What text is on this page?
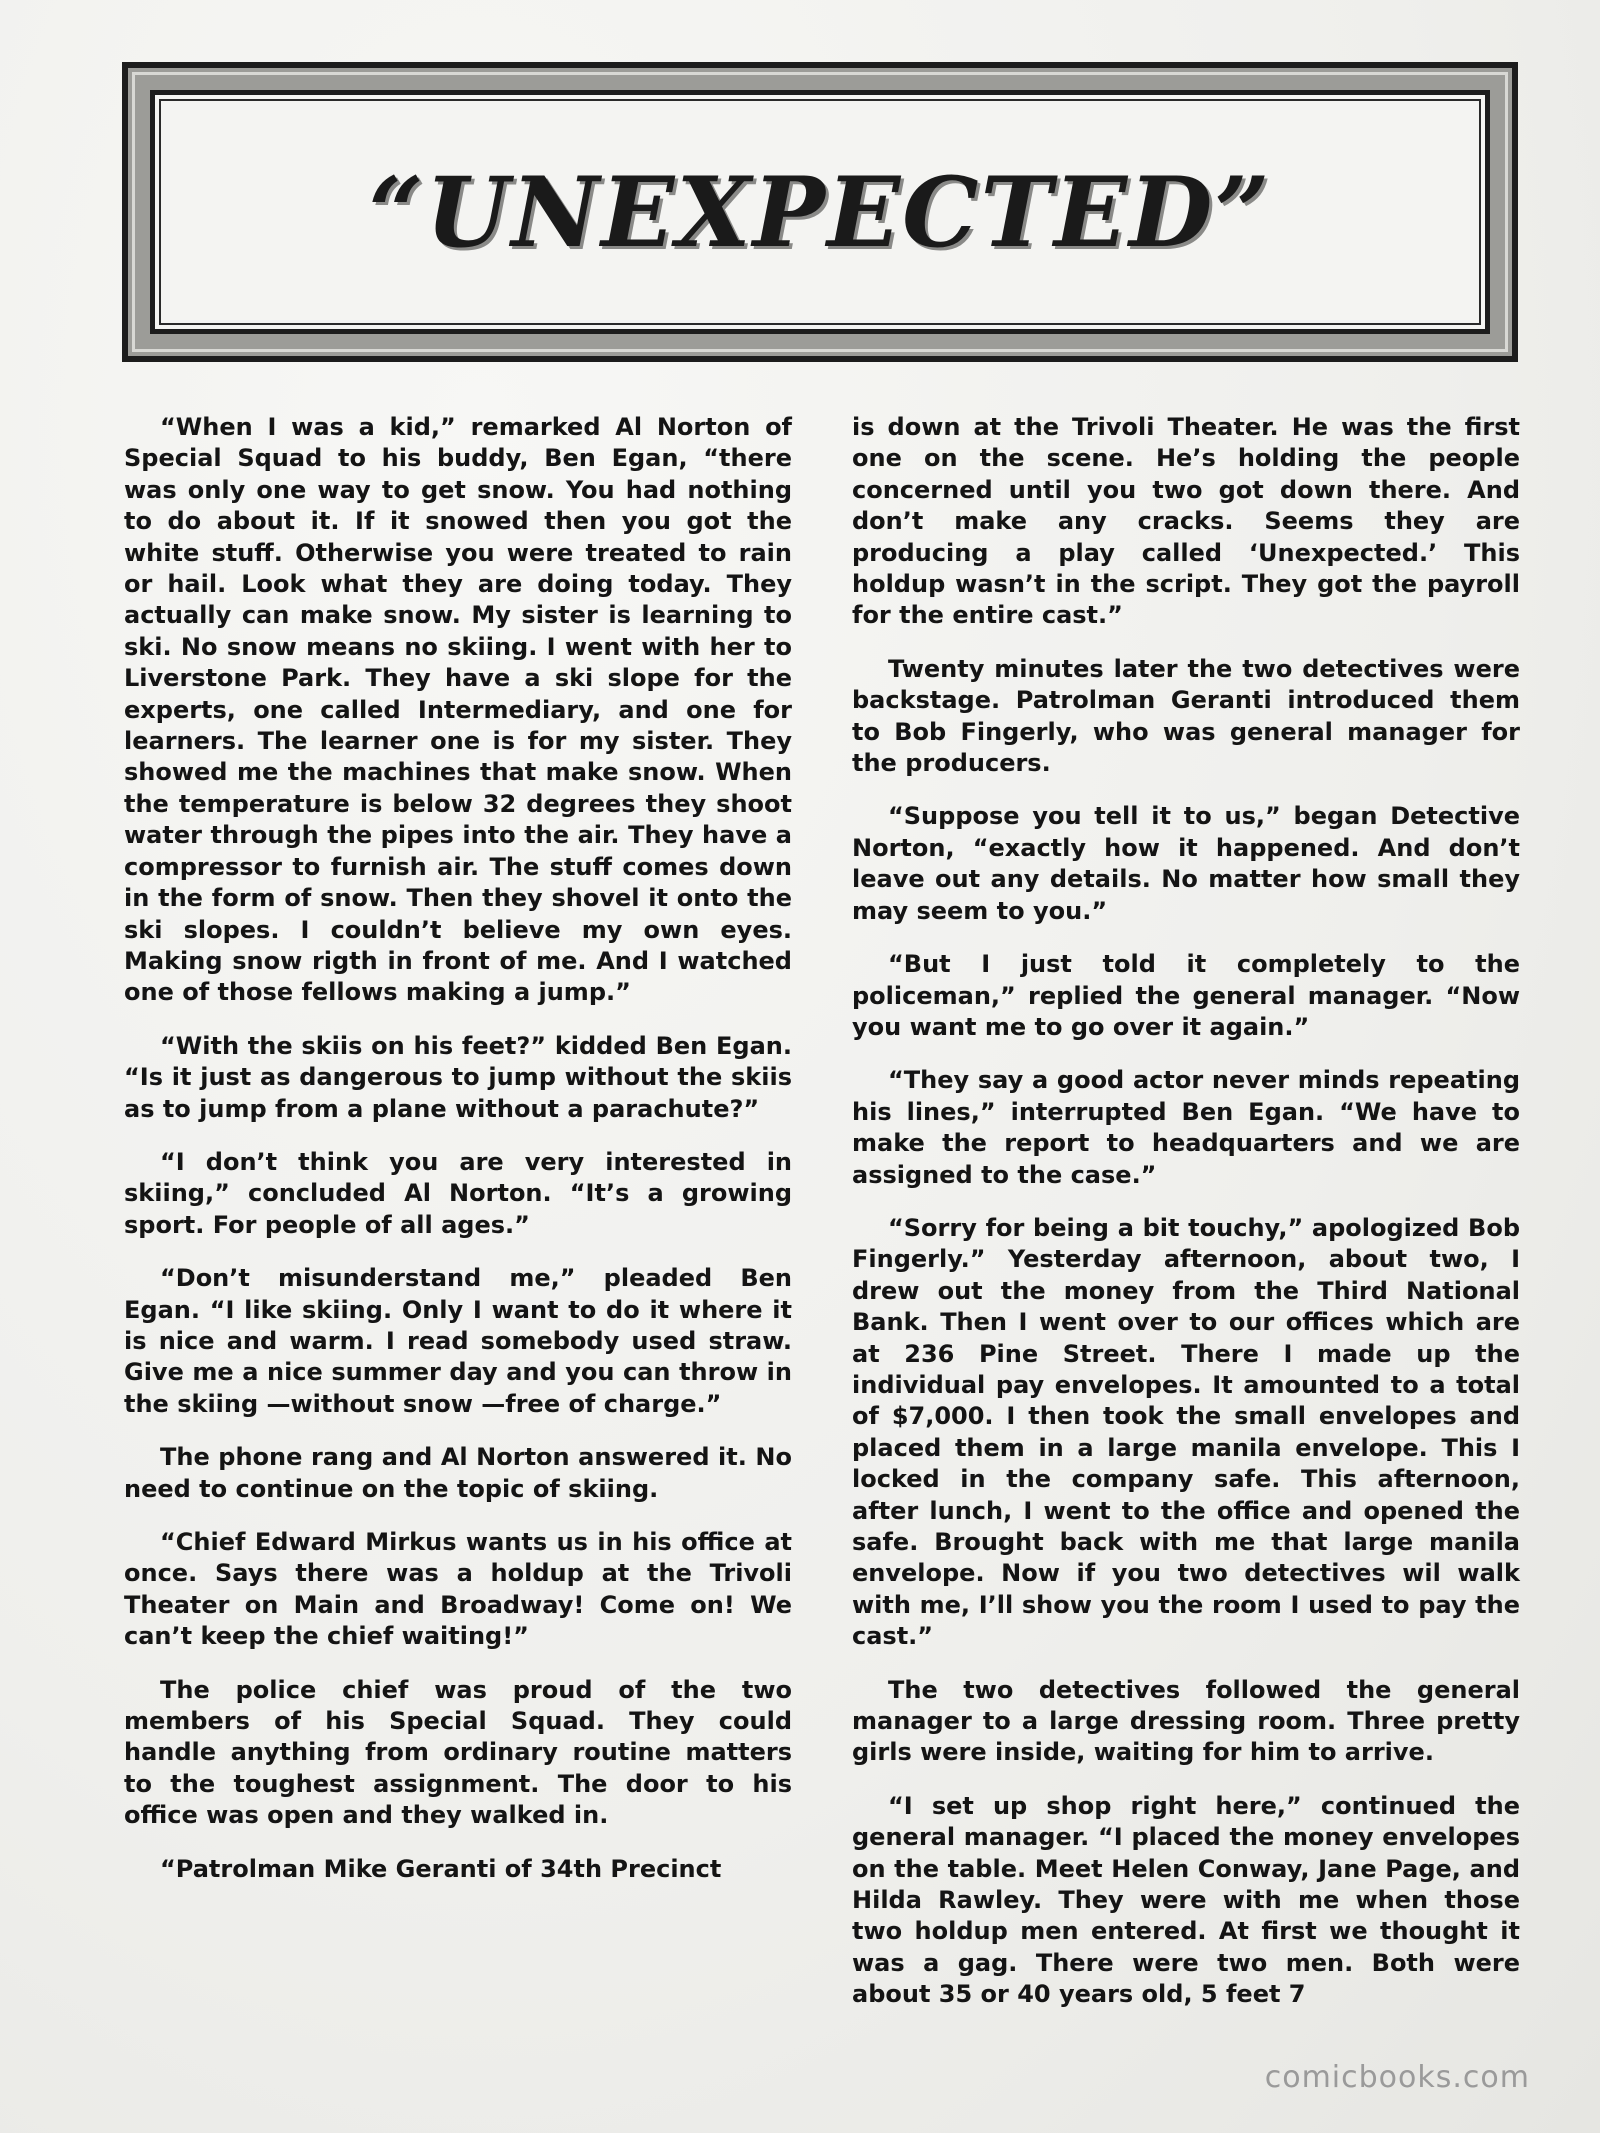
“UNEXPECTED”

“When I was a kid,” remarked Al Norton of Special Squad to his buddy, Ben Egan, “there was only one way to get snow. You had nothing to do about it. If it snowed then you got the white stuff. Otherwise you were treated to rain or hail. Look what they are doing today. They actually can make snow. My sister is learning to ski. No snow means no skiing. I went with her to Liverstone Park. They have a ski slope for the experts, one called Intermediary, and one for learners. The learner one is for my sister. They showed me the machines that make snow. When the temperature is below 32 degrees they shoot water through the pipes into the air. They have a compressor to furnish air. The stuff comes down in the form of snow. Then they shovel it onto the ski slopes. I couldn’t believe my own eyes. Making snow rigth in front of me. And I watched one of those fellows making a jump.”

“With the skiis on his feet?” kidded Ben Egan. “Is it just as dangerous to jump without the skiis as to jump from a plane without a parachute?”

“I don’t think you are very interested in skiing,” concluded Al Norton. “It’s a growing sport. For people of all ages.”

“Don’t misunderstand me,” pleaded Ben Egan. “I like skiing. Only I want to do it where it is nice and warm. I read somebody used straw. Give me a nice summer day and you can throw in the skiing —without snow —free of charge.”

The phone rang and Al Norton answered it. No need to continue on the topic of skiing.

“Chief Edward Mirkus wants us in his office at once. Says there was a holdup at the Trivoli Theater on Main and Broadway! Come on! We can’t keep the chief waiting!”

The police chief was proud of the two members of his Special Squad. They could handle anything from ordinary routine matters to the toughest assignment. The door to his office was open and they walked in.

“Patrolman Mike Geranti of 34th Precinct

is down at the Trivoli Theater. He was the first one on the scene. He’s holding the people concerned until you two got down there. And don’t make any cracks. Seems they are producing a play called ‘Unexpected.’ This holdup wasn’t in the script. They got the payroll for the entire cast.”

Twenty minutes later the two detectives were backstage. Patrolman Geranti introduced them to Bob Fingerly, who was general manager for the producers.

“Suppose you tell it to us,” began Detective Norton, “exactly how it happened. And don’t leave out any details. No matter how small they may seem to you.”

“But I just told it completely to the policeman,” replied the general manager. “Now you want me to go over it again.”

“They say a good actor never minds repeating his lines,” interrupted Ben Egan. “We have to make the report to headquarters and we are assigned to the case.”

“Sorry for being a bit touchy,” apologized Bob Fingerly.” Yesterday afternoon, about two, I drew out the money from the Third National Bank. Then I went over to our offices which are at 236 Pine Street. There I made up the individual pay envelopes. It amounted to a total of $7,000. I then took the small envelopes and placed them in a large manila envelope. This I locked in the company safe. This afternoon, after lunch, I went to the office and opened the safe. Brought back with me that large manila envelope. Now if you two detectives wil walk with me, I’ll show you the room I used to pay the cast.”

The two detectives followed the general manager to a large dressing room. Three pretty girls were inside, waiting for him to arrive.

“I set up shop right here,” continued the general manager. “I placed the money envelopes on the table. Meet Helen Conway, Jane Page, and Hilda Rawley. They were with me when those two holdup men entered. At first we thought it was a gag. There were two men. Both were about 35 or 40 years old, 5 feet 7

comicbooks.com
